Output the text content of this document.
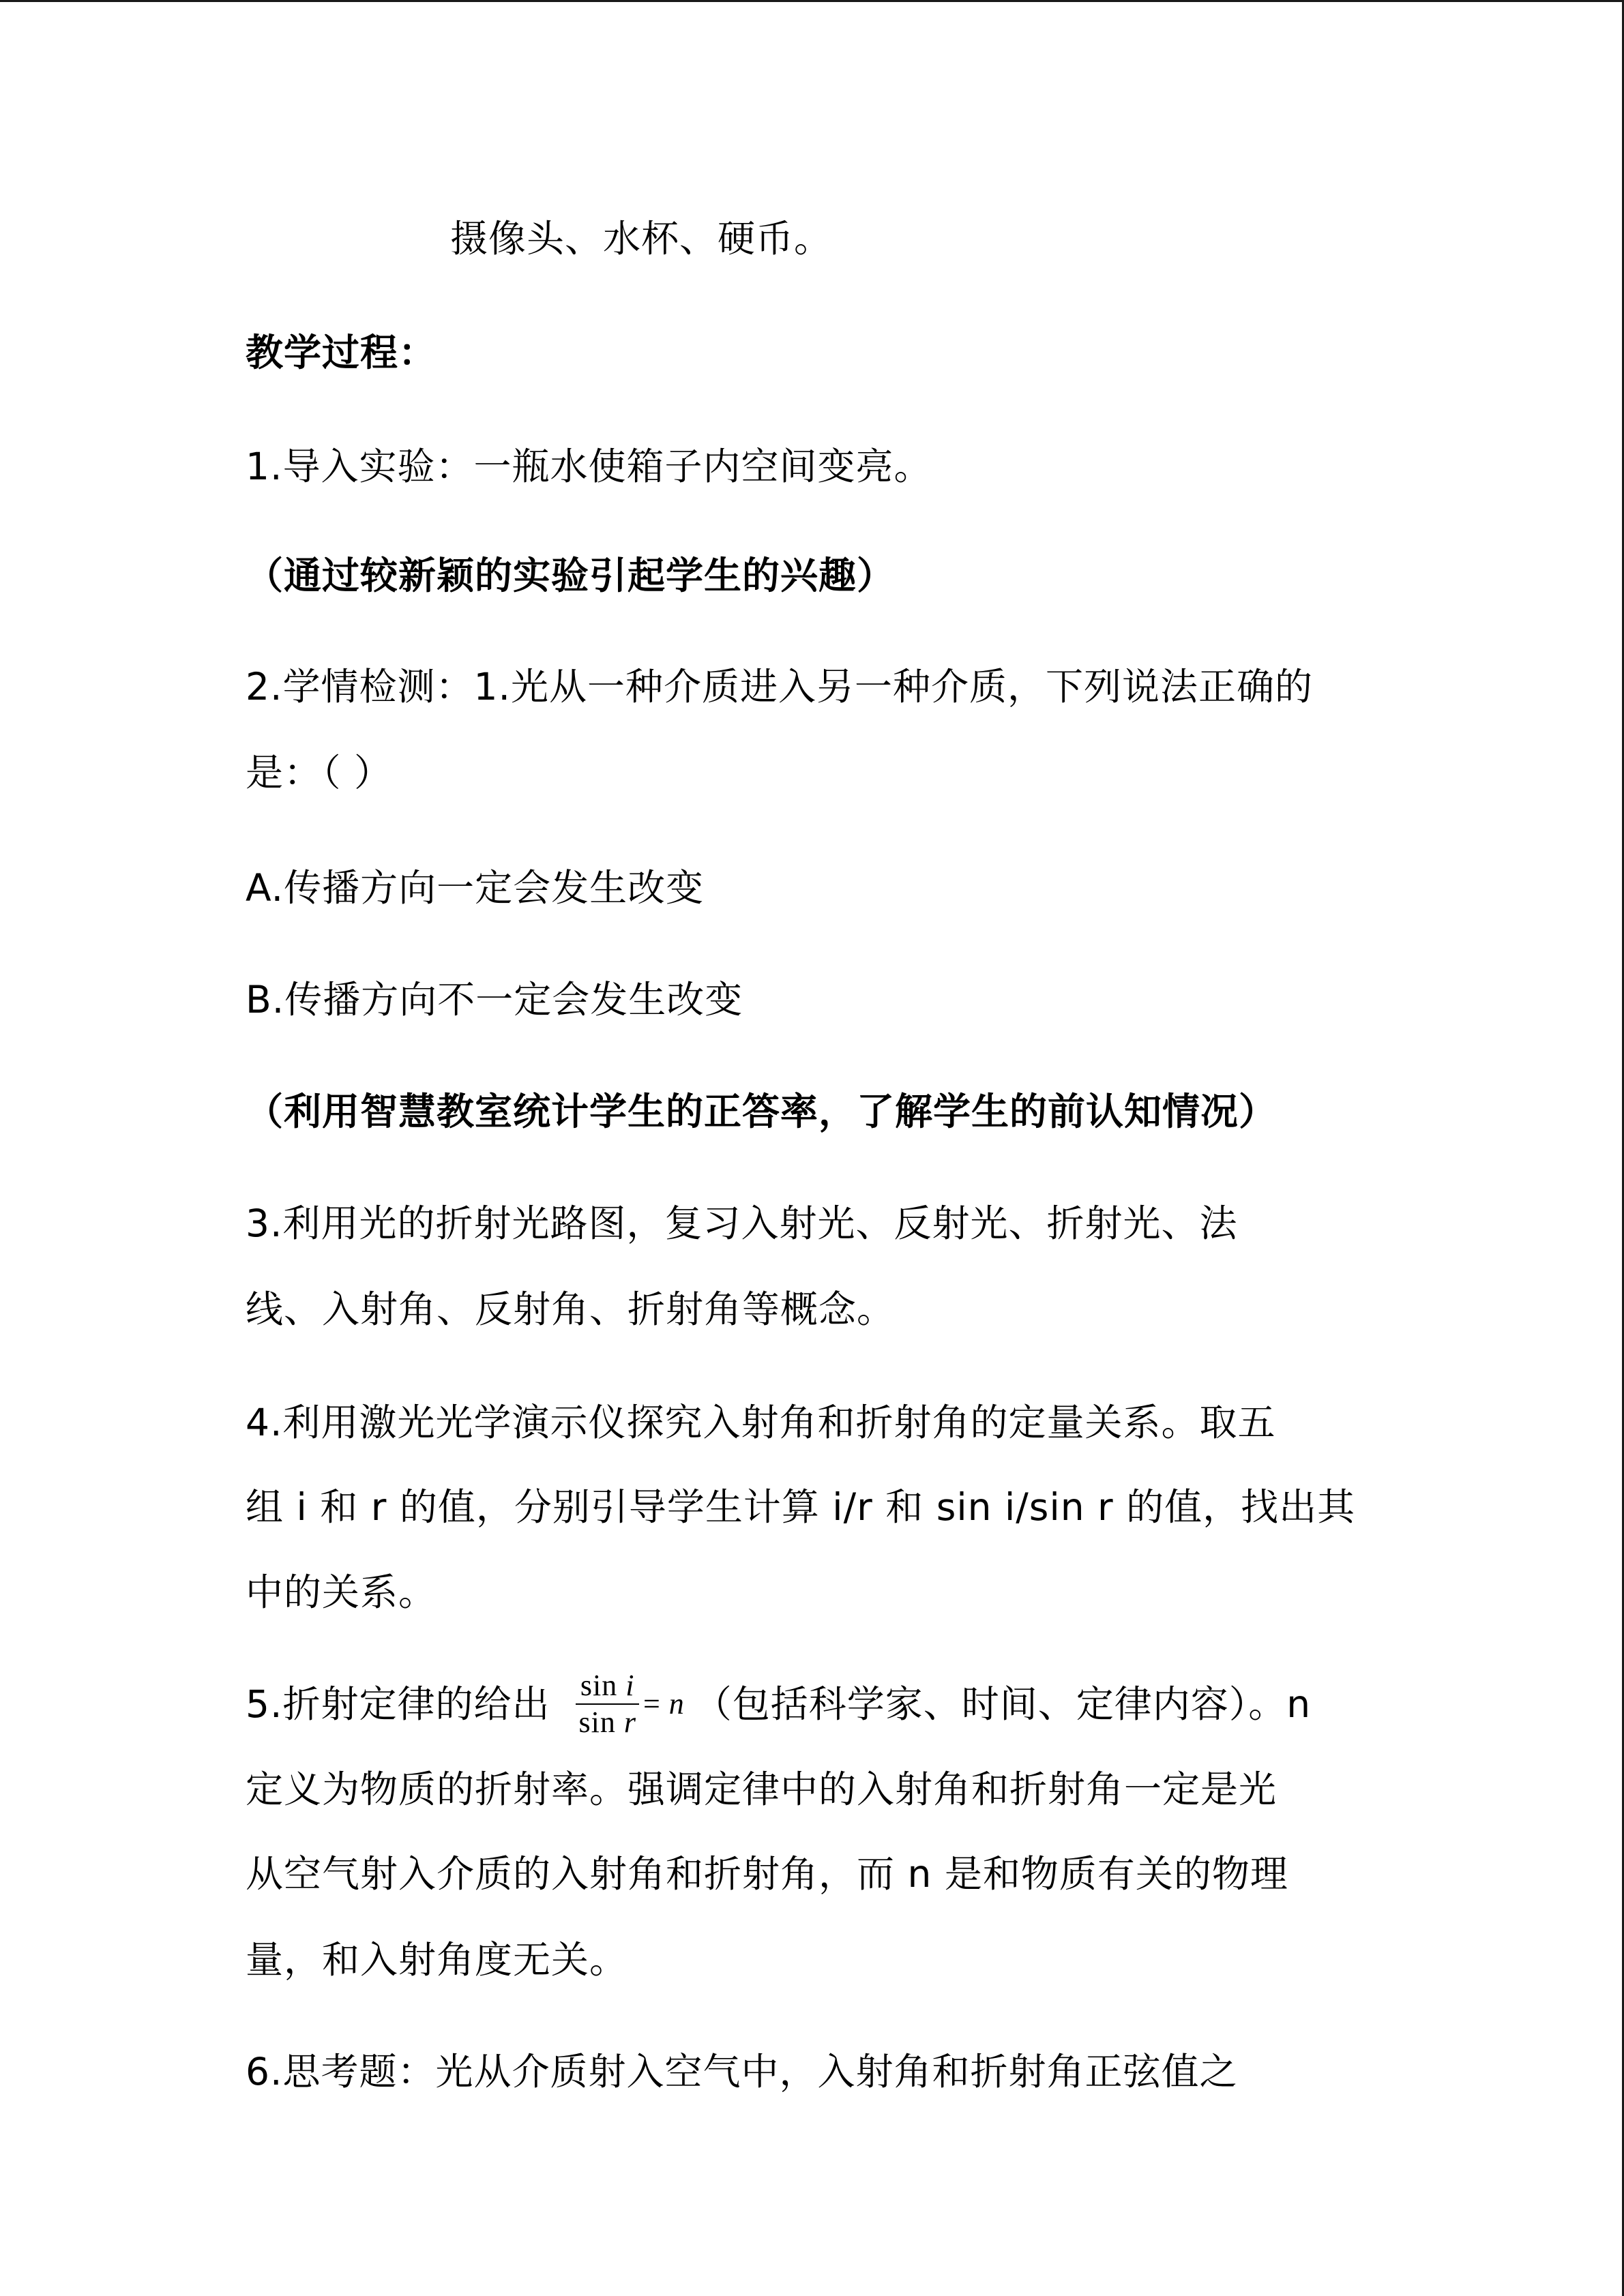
摄像头、水杯、硬币。
教学过程：
1.导入实验：一瓶水使箱子内空间变亮。
（通过较新颖的实验引起学生的兴趣）
2.学情检测：1.光从一种介质进入另一种介质，下列说法正确的
是：（ ）
A.传播方向一定会发生改变
B.传播方向不一定会发生改变
（利用智慧教室统计学生的正答率，了解学生的前认知情况）
3.利用光的折射光路图，复习入射光、反射光、折射光、法
线、入射角、反射角、折射角等概念。
4.利用激光光学演示仪探究入射角和折射角的定量关系。取五
组 i 和 r 的值，分别引导学生计算 i/r 和 sin i/sin r 的值，找出其
中的关系。
5.折射定律的给出 $\frac{\text{sin i}}{\text{sin r}} = n$ （包括科学家、时间、定律内容）。n
定义为物质的折射率。强调定律中的入射角和折射角一定是光
从空气射入介质的入射角和折射角，而 n 是和物质有关的物理
量，和入射角度无关。
6.思考题：光从介质射入空气中，入射角和折射角正弦值之
